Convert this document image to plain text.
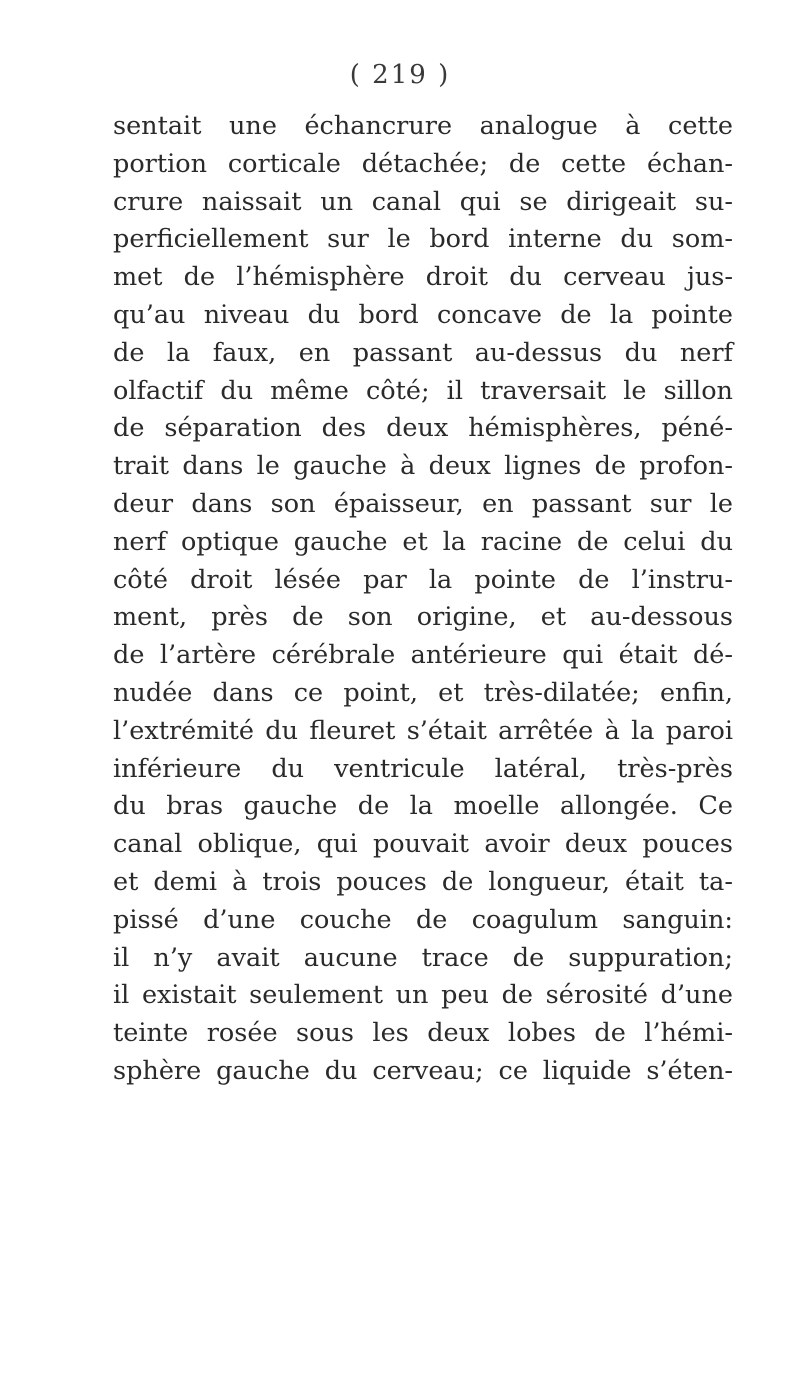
( 219 )
sentait une échancrure analogue à cette
portion corticale détachée; de cette échan-
crure naissait un canal qui se dirigeait su-
perficiellement sur le bord interne du som-
met de l’hémisphère droit du cerveau jus-
qu’au niveau du bord concave de la pointe
de la faux, en passant au-dessus du nerf
olfactif du même côté; il traversait le sillon
de séparation des deux hémisphères, péné-
trait dans le gauche à deux lignes de profon-
deur dans son épaisseur, en passant sur le
nerf optique gauche et la racine de celui du
côté droit lésée par la pointe de l’instru-
ment, près de son origine, et au-dessous
de l’artère cérébrale antérieure qui était dé-
nudée dans ce point, et très-dilatée; enfin,
l’extrémité du fleuret s’était arrêtée à la paroi
inférieure du ventricule latéral, très-près
du bras gauche de la moelle allongée. Ce
canal oblique, qui pouvait avoir deux pouces
et demi à trois pouces de longueur, était ta-
pissé d’une couche de coagulum sanguin:
il n’y avait aucune trace de suppuration;
il existait seulement un peu de sérosité d’une
teinte rosée sous les deux lobes de l’hémi-
sphère gauche du cerveau; ce liquide s’éten-
